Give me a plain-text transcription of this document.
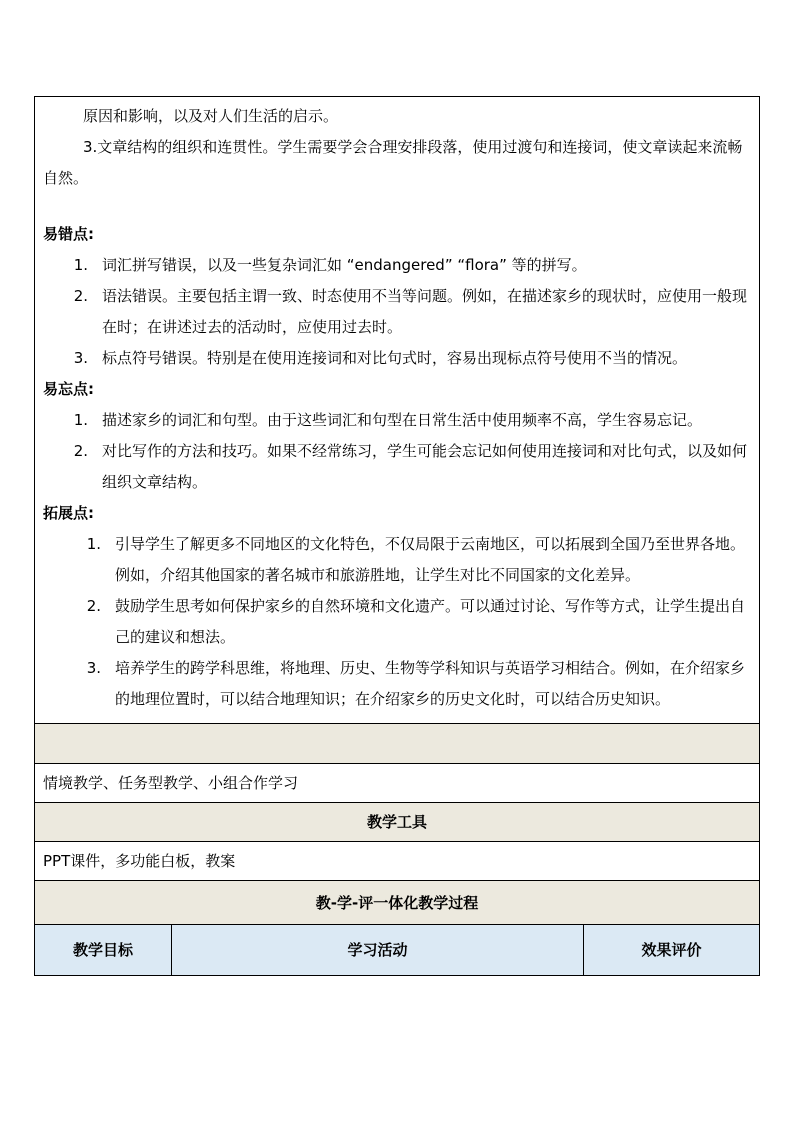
原因和影响，以及对人们生活的启示。
3.文章结构的组织和连贯性。学生需要学会合理安排段落，使用过渡句和连接词，使文章读起来流畅自然。
易错点:
1. 词汇拼写错误，以及一些复杂词汇如 “endangered” “flora” 等的拼写。
2. 语法错误。主要包括主谓一致、时态使用不当等问题。例如，在描述家乡的现状时，应使用一般现在时；在讲述过去的活动时，应使用过去时。
3. 标点符号错误。特别是在使用连接词和对比句式时，容易出现标点符号使用不当的情况。
易忘点:
1. 描述家乡的词汇和句型。由于这些词汇和句型在日常生活中使用频率不高，学生容易忘记。
2. 对比写作的方法和技巧。如果不经常练习，学生可能会忘记如何使用连接词和对比句式，以及如何组织文章结构。
拓展点:
1. 引导学生了解更多不同地区的文化特色，不仅局限于云南地区，可以拓展到全国乃至世界各地。例如，介绍其他国家的著名城市和旅游胜地，让学生对比不同国家的文化差异。
2. 鼓励学生思考如何保护家乡的自然环境和文化遗产。可以通过讨论、写作等方式，让学生提出自己的建议和想法。
3. 培养学生的跨学科思维，将地理、历史、生物等学科知识与英语学习相结合。例如，在介绍家乡的地理位置时，可以结合地理知识；在介绍家乡的历史文化时，可以结合历史知识。
情境教学、任务型教学、小组合作学习
教学工具
PPT课件，多功能白板，教案
教-学-评一体化教学过程
教学目标	学习活动	效果评价
